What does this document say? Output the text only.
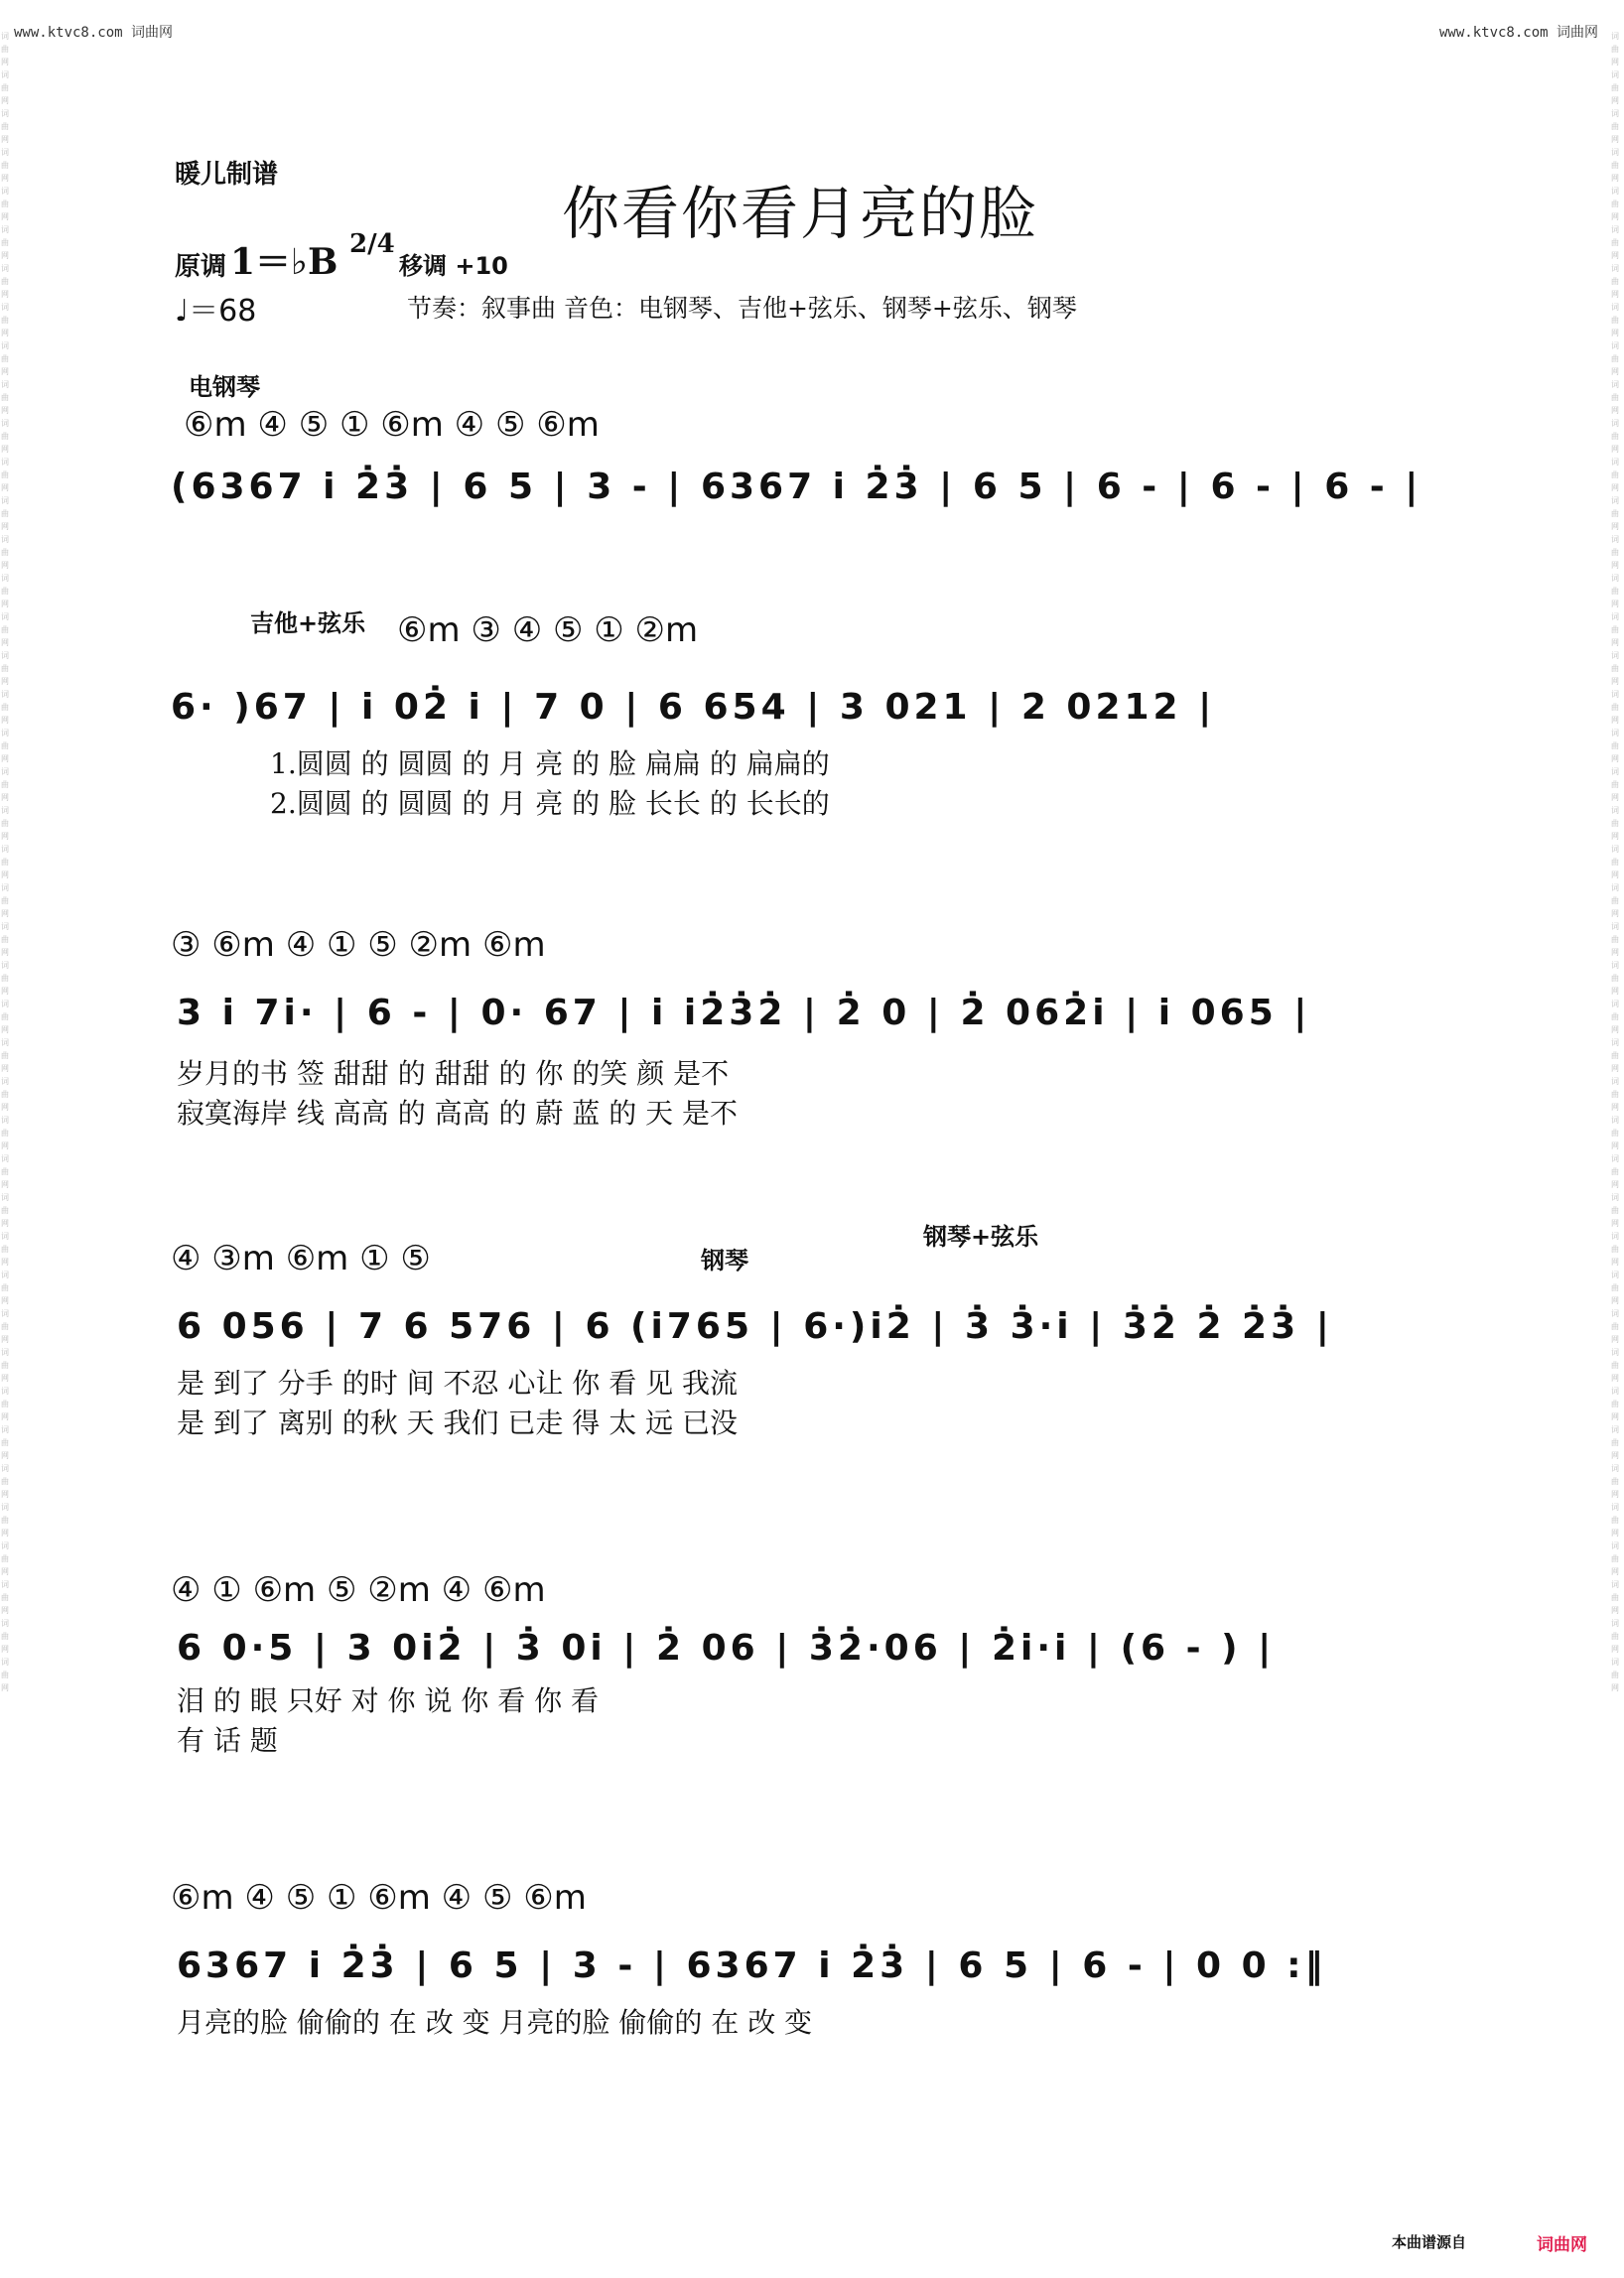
词曲网词曲网词曲网词曲网词曲网词曲网词曲网词曲网词曲网词曲网词曲网词曲网词曲网词曲网词曲网词曲网词曲网词曲网词曲网词曲网词曲网词曲网词曲网词曲网词曲网词曲网词曲网词曲网词曲网词曲网词曲网词曲网词曲网词曲网词曲网词曲网词曲网词曲网词曲网词曲网词曲网词曲网词曲网
词曲网词曲网词曲网词曲网词曲网词曲网词曲网词曲网词曲网词曲网词曲网词曲网词曲网词曲网词曲网词曲网词曲网词曲网词曲网词曲网词曲网词曲网词曲网词曲网词曲网词曲网词曲网词曲网词曲网词曲网词曲网词曲网词曲网词曲网词曲网词曲网词曲网词曲网词曲网词曲网词曲网词曲网词曲网
www.ktvc8.com 词曲网	www.ktvc8.com 词曲网
暖儿制谱
你看你看月亮的脸
原调 1＝♭B 2/4
移调 +10
♩＝68	节奏：叙事曲 音色：电钢琴、吉他+弦乐、钢琴+弦乐、钢琴
电钢琴
⑥m ④ ⑤ ① ⑥m ④ ⑤ ⑥m
(6367 i 2̇3̇ | 6 5 | 3 - | 6367 i 2̇3̇ | 6 5 | 6 - | 6 - | 6 - |
吉他+弦乐 ⑥m ③ ④ ⑤ ① ②m
6· )67 | i 02̇ i | 7 0 | 6 654 | 3 021 | 2 0212 |
1.圆圆 的 圆圆 的 月 亮 的 脸 扁扁 的 扁扁的
2.圆圆 的 圆圆 的 月 亮 的 脸 长长 的 长长的
③ ⑥m ④ ① ⑤ ②m ⑥m
3 i 7i· | 6 - | 0· 67 | i i2̇3̇2̇ | 2̇ 0 | 2̇ 062̇i | i 065 |
岁月的书 签 甜甜 的 甜甜 的 你 的笑 颜 是不
寂寞海岸 线 高高 的 高高 的 蔚 蓝 的 天 是不
钢琴
钢琴+弦乐
④ ③m ⑥m ① ⑤
6 056 | 7 6 576 | 6 (i765 | 6·)i2̇ | 3̇ 3̇·i | 3̇2̇ 2̇ 2̇3̇ |
是 到了 分手 的时 间 不忍 心让 你 看 见 我流
是 到了 离别 的秋 天 我们 已走 得 太 远 已没
④ ① ⑥m ⑤ ②m ④ ⑥m
6 0·5 | 3 0i2̇ | 3̇ 0i | 2̇ 06 | 3̇2̇·06 | 2̇i·i | (6 - ) |
泪 的 眼 只好 对 你 说 你 看 你 看
有 话 题
⑥m ④ ⑤ ① ⑥m ④ ⑤ ⑥m
6367 i 2̇3̇ | 6 5 | 3 - | 6367 i 2̇3̇ | 6 5 | 6 - | 0 0 :‖
月亮的脸 偷偷的 在 改 变 月亮的脸 偷偷的 在 改 变
本曲谱源自	词曲网
